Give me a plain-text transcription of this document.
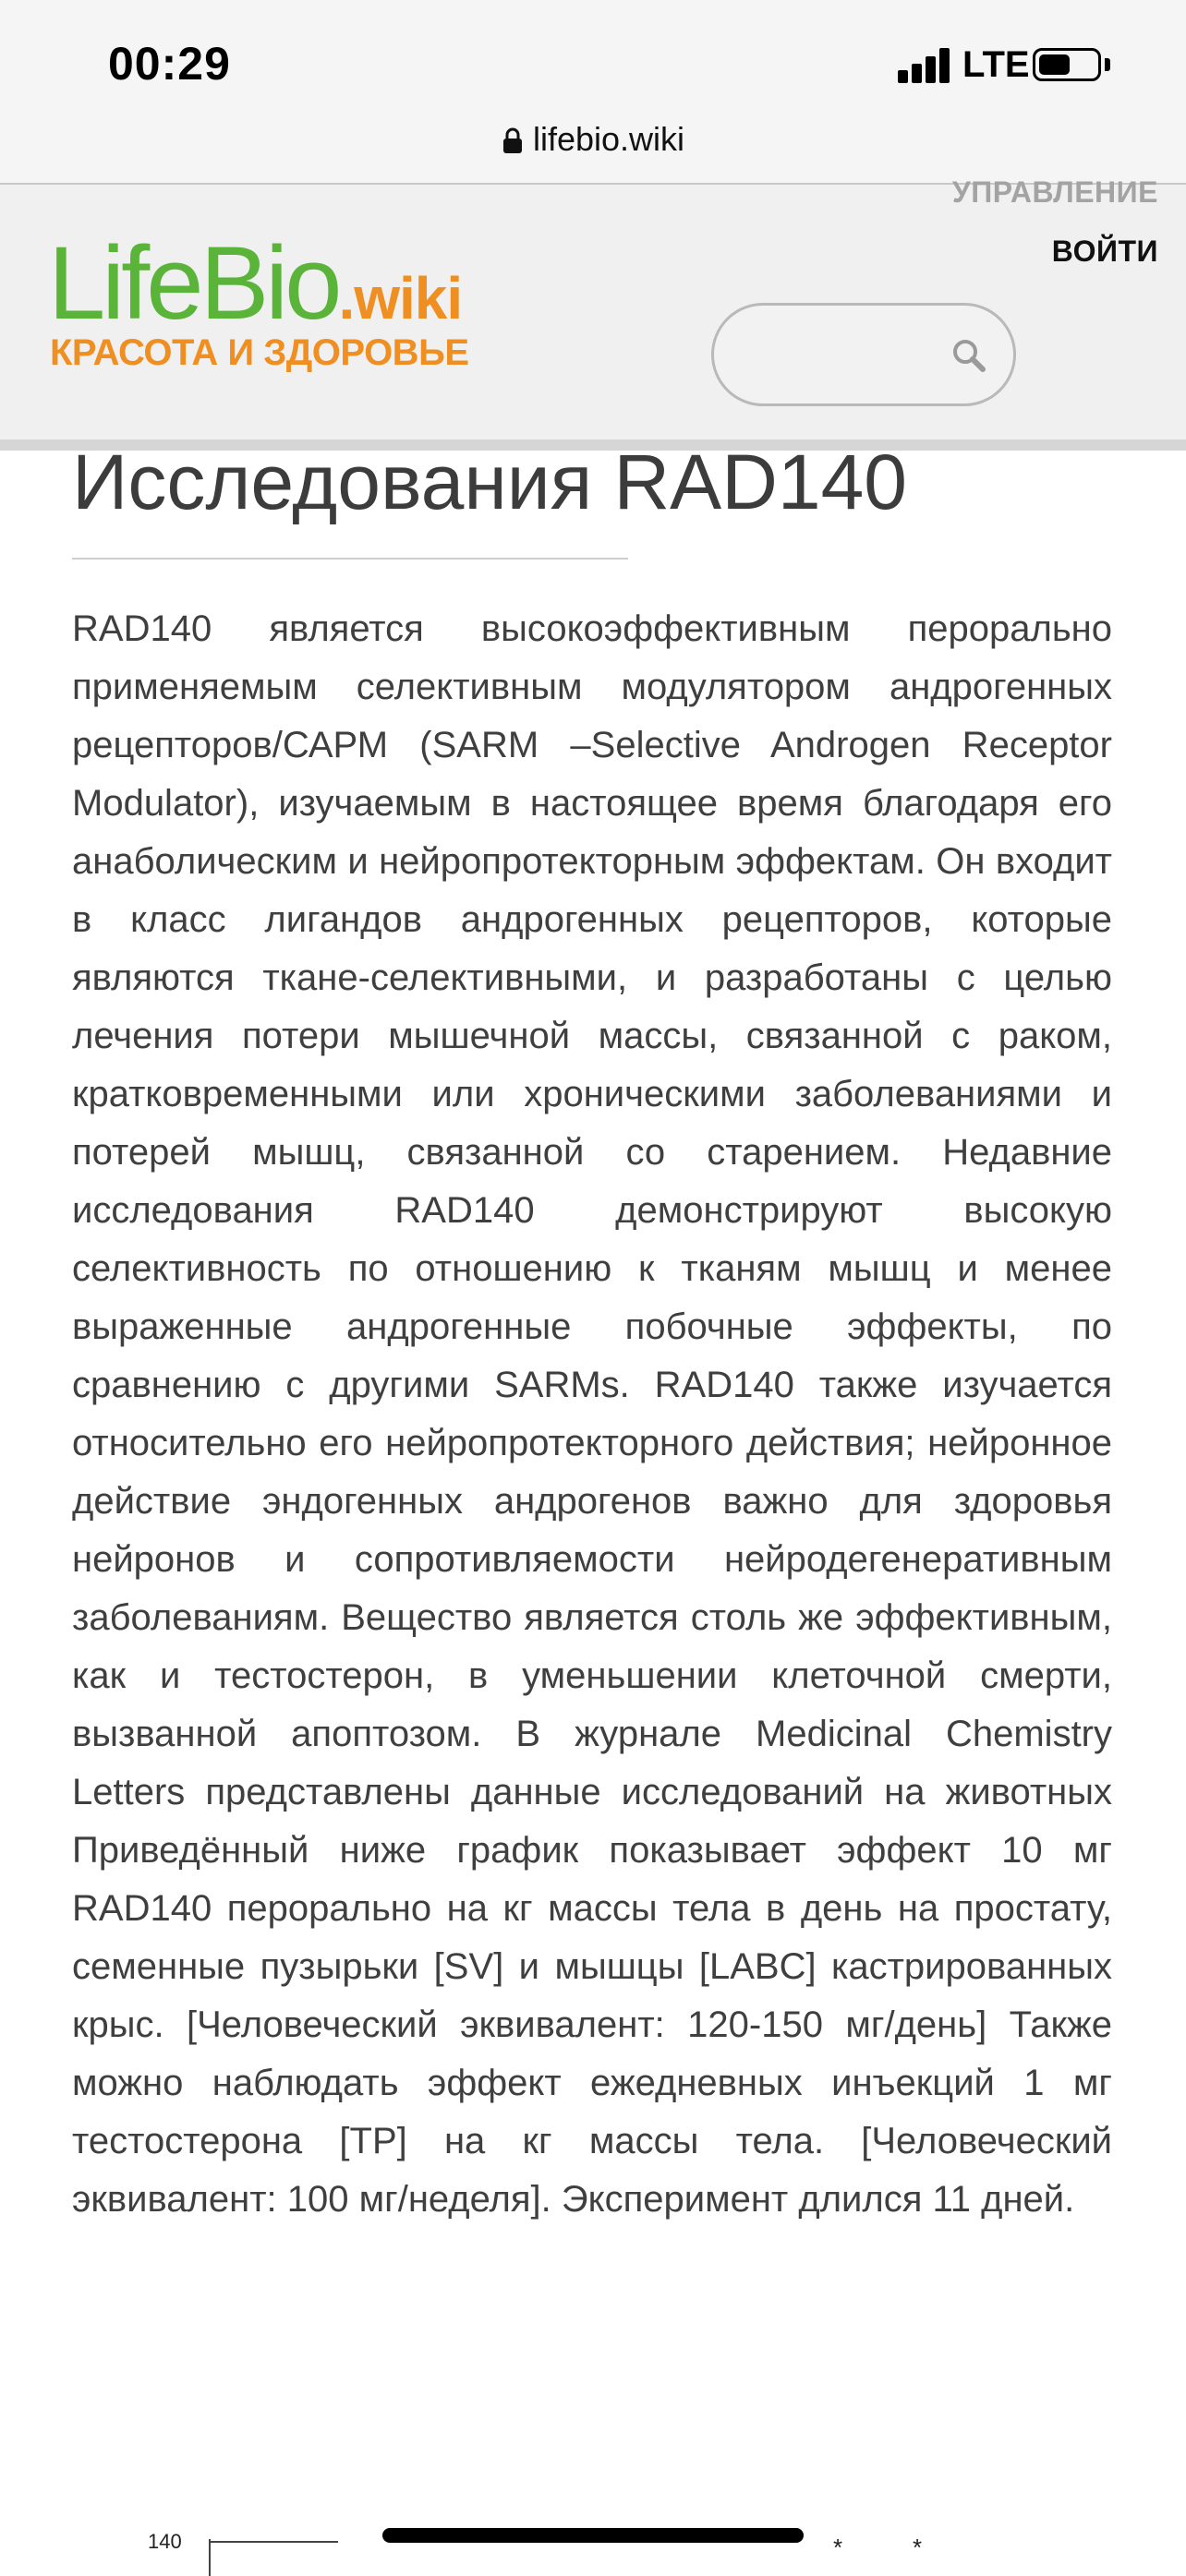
00:29	LTE
lifebio.wiki
LifeBio.wiki
КРАСОТА И ЗДОРОВЬЕ
УПРАВЛЕНИЕ
ВОЙТИ
Исследования RAD140

RAD140 является высокоэффективным перорально применяемым селективным модулятором андрогенных рецепторов/САРМ (SARM –Selective Androgen Receptor Modulator), изучаемым в настоящее время благодаря его анаболическим и нейропротекторным эффектам. Он входит в класс лигандов андрогенных рецепторов, которые являются ткане-селективными, и разработаны с целью лечения потери мышечной массы, связанной с раком, кратковременными или хроническими заболеваниями и потерей мышц, связанной со старением. Недавние исследования RAD140 демонстрируют высокую селективность по отношению к тканям мышц и менее выраженные андрогенные побочные эффекты, по сравнению с другими SARMs. RAD140 также изучается относительно его нейропротекторного действия; нейронное действие эндогенных андрогенов важно для здоровья нейронов и сопротивляемости нейродегенеративным заболеваниям. Вещество является столь же эффективным, как и тестостерон, в уменьшении клеточной смерти, вызванной апоптозом. В журнале Medicinal Chemistry Letters представлены данные исследований на животных Приведённый ниже график показывает эффект 10 мг RAD140 перорально на кг массы тела в день на простату, семенные пузырьки [SV] и мышцы [LABC] кастрированных крыс. [Человеческий эквивалент: 120-150 мг/день] Также можно наблюдать эффект ежедневных инъекций 1 мг тестостерона [TP] на кг массы тела. [Человеческий эквивалент: 100 мг/неделя]. Эксперимент длился 11 дней.

140	*	*
